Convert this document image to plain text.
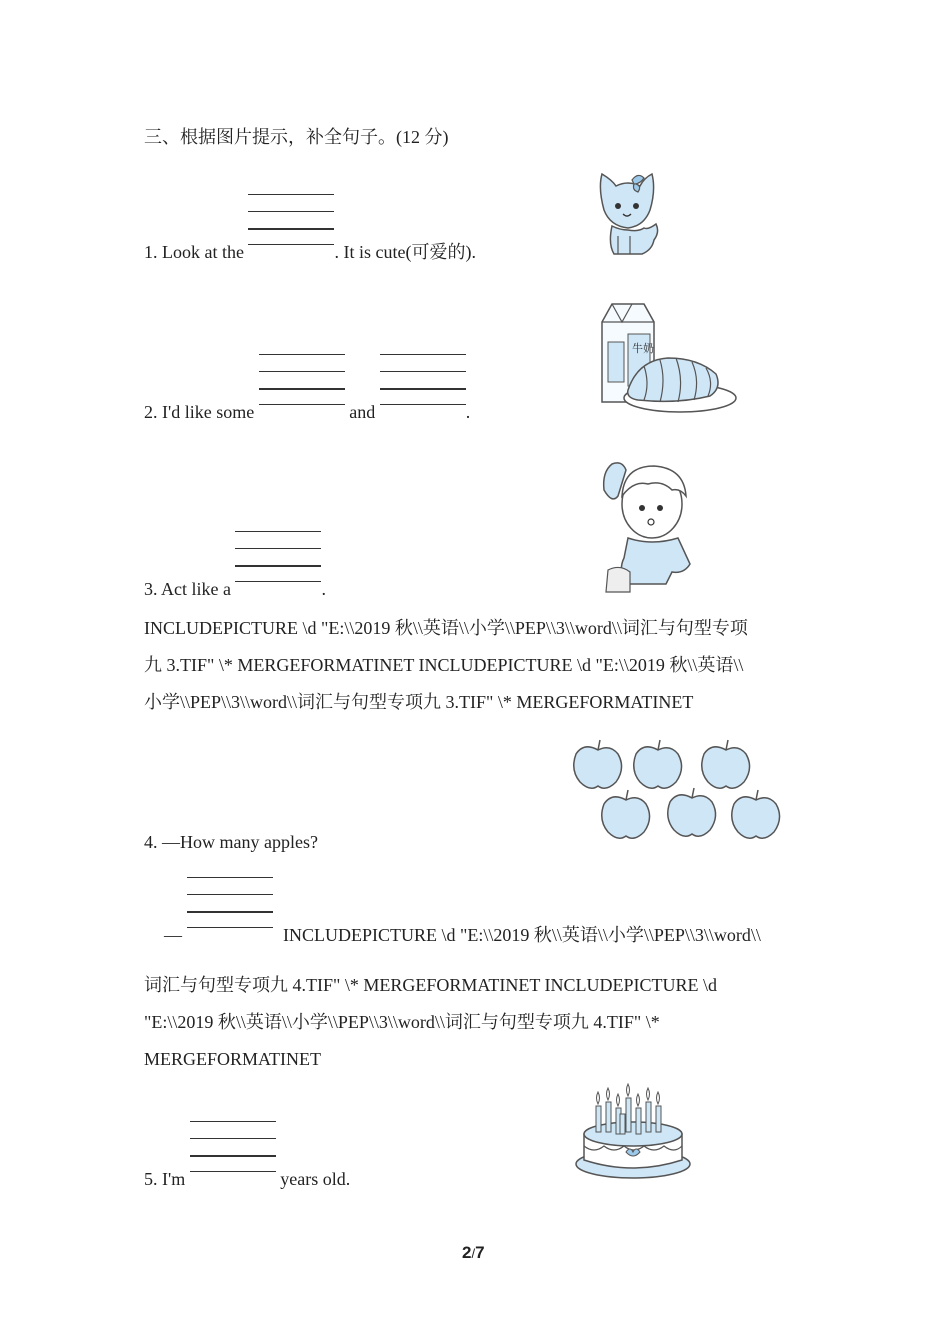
三、根据图片提示，补全句子。(12 分)
1. Look at the	. It is cute(可爱的).
2. I'd like some	and	.
牛奶
3. Act like a	.
INCLUDEPICTURE \d "E:\\2019 秋\\英语\\小学\\PEP\\3\\word\\词汇与句型专项
九 3.TIF" \* MERGEFORMATINET INCLUDEPICTURE \d "E:\\2019 秋\\英语\\
小学\\PEP\\3\\word\\词汇与句型专项九 3.TIF" \* MERGEFORMATINET
4. —How many apples?
—	INCLUDEPICTURE \d "E:\\2019 秋\\英语\\小学\\PEP\\3\\word\\
词汇与句型专项九 4.TIF" \* MERGEFORMATINET INCLUDEPICTURE \d
"E:\\2019 秋\\英语\\小学\\PEP\\3\\word\\词汇与句型专项九 4.TIF" \*
MERGEFORMATINET
5. I'm	years old.
2/7
